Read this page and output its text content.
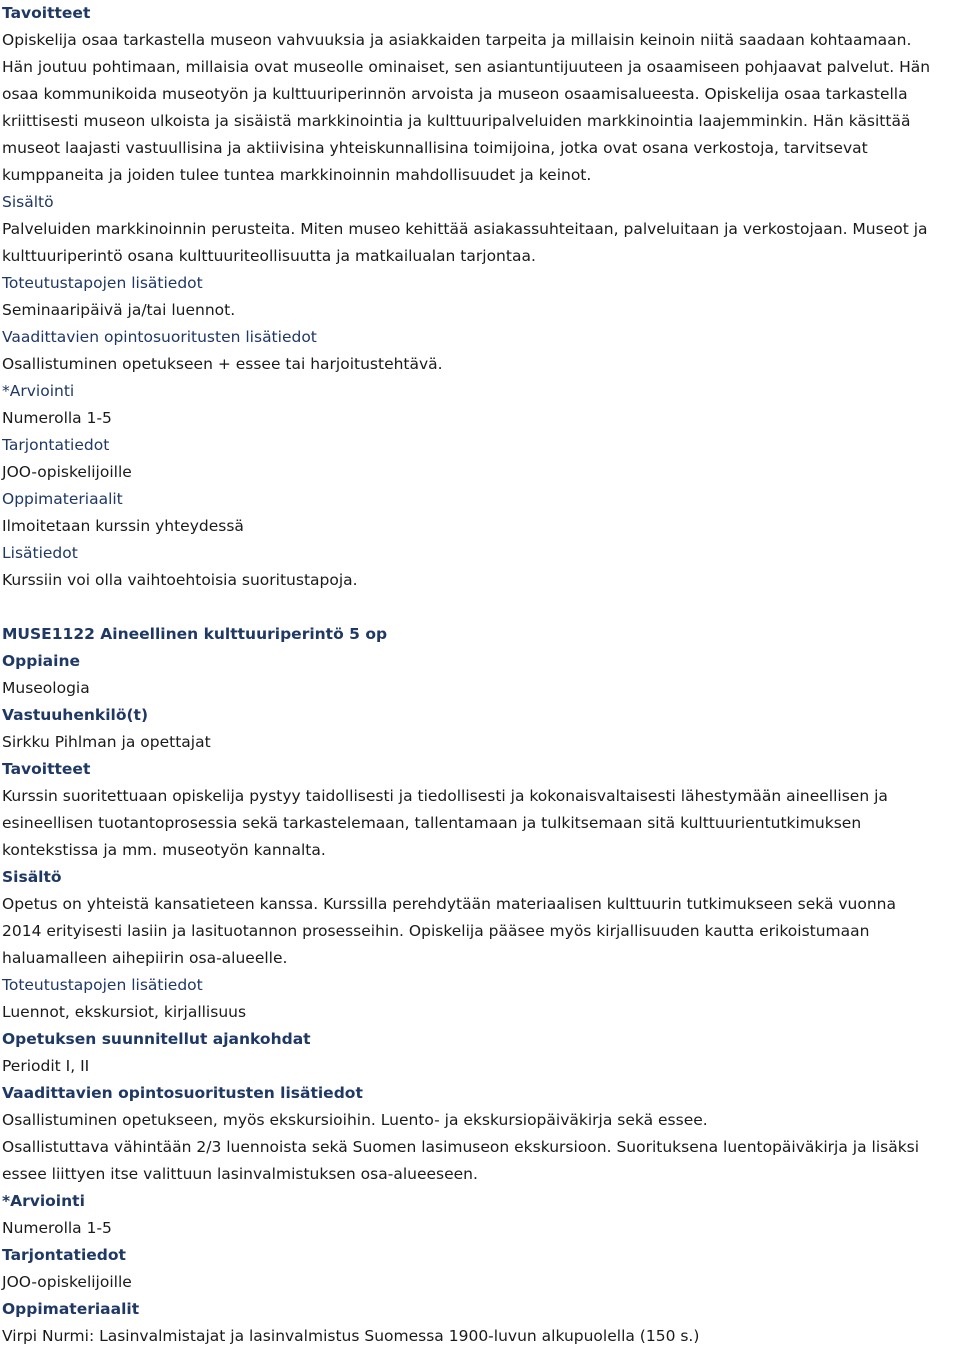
Tavoitteet
Opiskelija osaa tarkastella museon vahvuuksia ja asiakkaiden tarpeita ja millaisin keinoin niitä saadaan kohtaamaan.
Hän joutuu pohtimaan, millaisia ovat museolle ominaiset, sen asiantuntijuuteen ja osaamiseen pohjaavat palvelut. Hän
osaa kommunikoida museotyön ja kulttuuriperinnön arvoista ja museon osaamisalueesta. Opiskelija osaa tarkastella
kriittisesti museon ulkoista ja sisäistä markkinointia ja kulttuuripalveluiden markkinointia laajemminkin. Hän käsittää
museot laajasti vastuullisina ja aktiivisina yhteiskunnallisina toimijoina, jotka ovat osana verkostoja, tarvitsevat
kumppaneita ja joiden tulee tuntea markkinoinnin mahdollisuudet ja keinot.
Sisältö
Palveluiden markkinoinnin perusteita. Miten museo kehittää asiakassuhteitaan, palveluitaan ja verkostojaan. Museot ja
kulttuuriperintö osana kulttuuriteollisuutta ja matkailualan tarjontaa.
Toteutustapojen lisätiedot
Seminaaripäivä ja/tai luennot.
Vaadittavien opintosuoritusten lisätiedot
Osallistuminen opetukseen + essee tai harjoitustehtävä.
*Arviointi
Numerolla 1-5
Tarjontatiedot
JOO-opiskelijoille
Oppimateriaalit
Ilmoitetaan kurssin yhteydessä
Lisätiedot
Kurssiin voi olla vaihtoehtoisia suoritustapoja.
MUSE1122 Aineellinen kulttuuriperintö 5 op
Oppiaine
Museologia
Vastuuhenkilö(t)
Sirkku Pihlman ja opettajat
Tavoitteet
Kurssin suoritettuaan opiskelija pystyy taidollisesti ja tiedollisesti ja kokonaisvaltaisesti lähestymään aineellisen ja
esineellisen tuotantoprosessia sekä tarkastelemaan, tallentamaan ja tulkitsemaan sitä kulttuurientutkimuksen
kontekstissa ja mm. museotyön kannalta.
Sisältö
Opetus on yhteistä kansatieteen kanssa. Kurssilla perehdytään materiaalisen kulttuurin tutkimukseen sekä vuonna
2014 erityisesti lasiin ja lasituotannon prosesseihin. Opiskelija pääsee myös kirjallisuuden kautta erikoistumaan
haluamalleen aihepiirin osa-alueelle.
Toteutustapojen lisätiedot
Luennot, ekskursiot, kirjallisuus
Opetuksen suunnitellut ajankohdat
Periodit I, II
Vaadittavien opintosuoritusten lisätiedot
Osallistuminen opetukseen, myös ekskursioihin. Luento- ja ekskursiopäiväkirja sekä essee.
Osallistuttava vähintään 2/3 luennoista sekä Suomen lasimuseon ekskursioon. Suorituksena luentopäiväkirja ja lisäksi
essee liittyen itse valittuun lasinvalmistuksen osa-alueeseen.
*Arviointi
Numerolla 1-5
Tarjontatiedot
JOO-opiskelijoille
Oppimateriaalit
Virpi Nurmi: Lasinvalmistajat ja lasinvalmistus Suomessa 1900-luvun alkupuolella (150 s.)
